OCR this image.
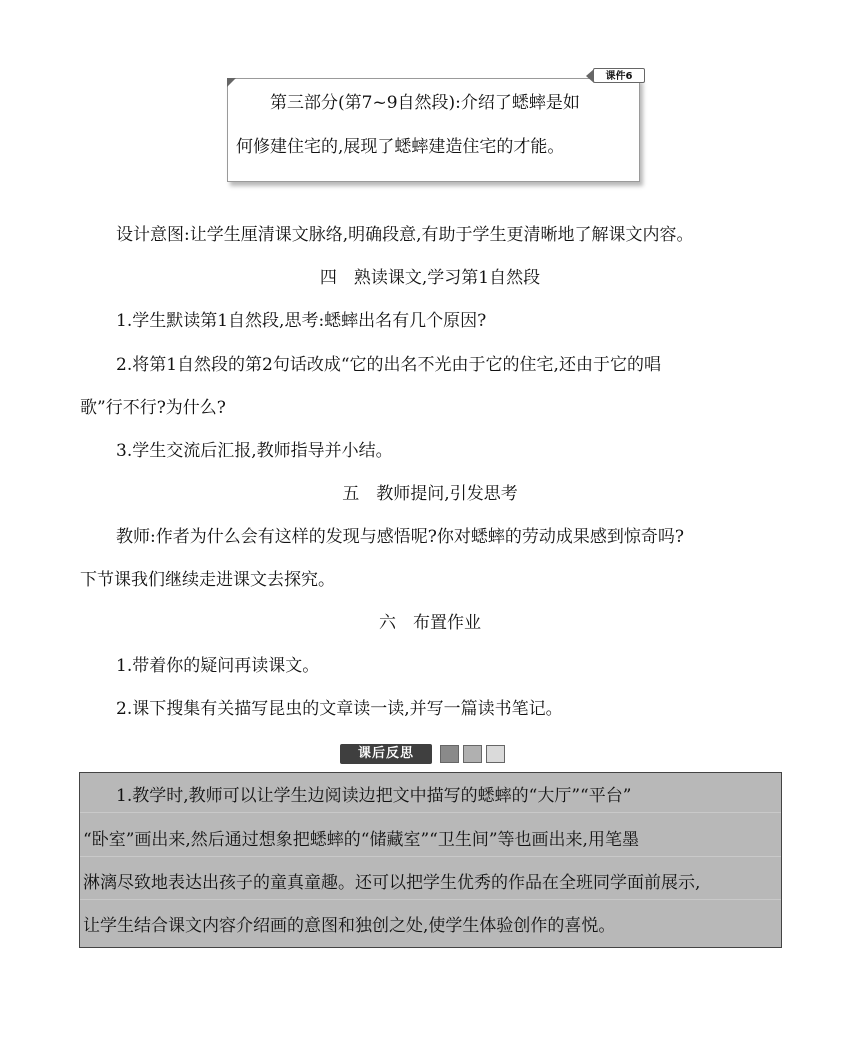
课件6
第三部分(第7~9自然段):介绍了蟋蟀是如
何修建住宅的,展现了蟋蟀建造住宅的才能。
设计意图:让学生厘清课文脉络,明确段意,有助于学生更清晰地了解课文内容。
四　熟读课文,学习第1自然段
1.学生默读第1自然段,思考:蟋蟀出名有几个原因?
2.将第1自然段的第2句话改成“它的出名不光由于它的住宅,还由于它的唱
歌”行不行?为什么?
3.学生交流后汇报,教师指导并小结。
五　教师提问,引发思考
教师:作者为什么会有这样的发现与感悟呢?你对蟋蟀的劳动成果感到惊奇吗?
下节课我们继续走进课文去探究。
六　布置作业
1.带着你的疑问再读课文。
2.课下搜集有关描写昆虫的文章读一读,并写一篇读书笔记。
课后反思
1.教学时,教师可以让学生边阅读边把文中描写的蟋蟀的“大厅”“平台”
“卧室”画出来,然后通过想象把蟋蟀的“储藏室”“卫生间”等也画出来,用笔墨
淋漓尽致地表达出孩子的童真童趣。还可以把学生优秀的作品在全班同学面前展示,
让学生结合课文内容介绍画的意图和独创之处,使学生体验创作的喜悦。
